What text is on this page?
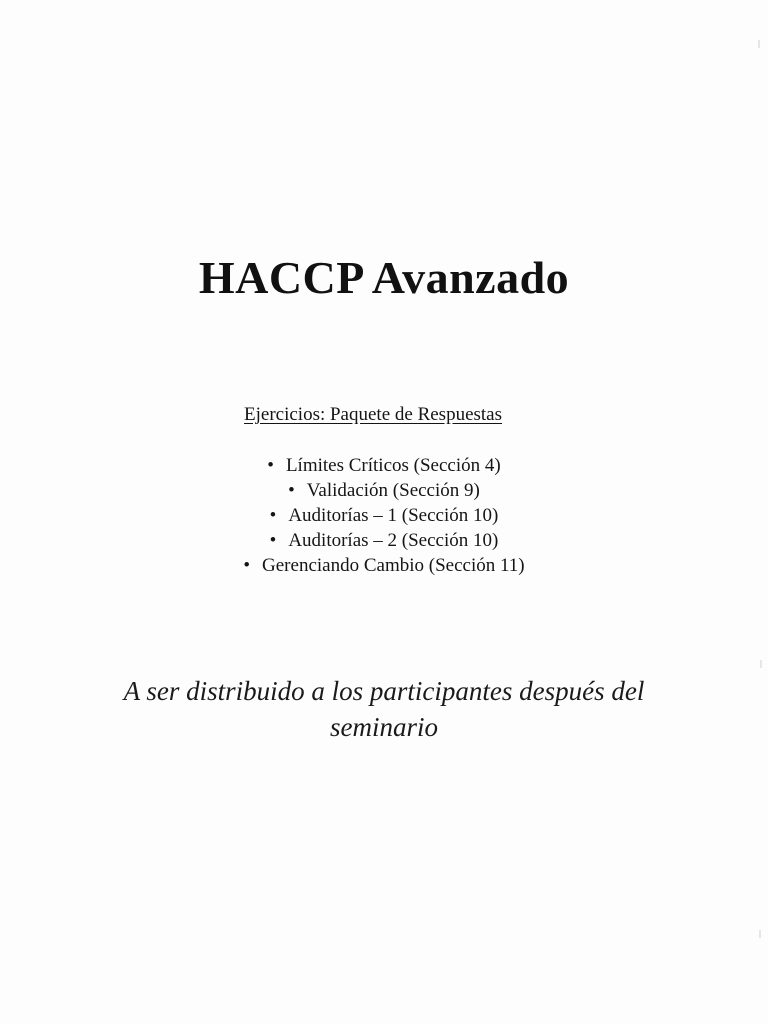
HACCP Avanzado
Ejercicios: Paquete de Respuestas
• Límites Críticos (Sección 4)
• Validación (Sección 9)
• Auditorías – 1 (Sección 10)
• Auditorías – 2 (Sección 10)
• Gerenciando Cambio (Sección 11)
A ser distribuido a los participantes después del
seminario
